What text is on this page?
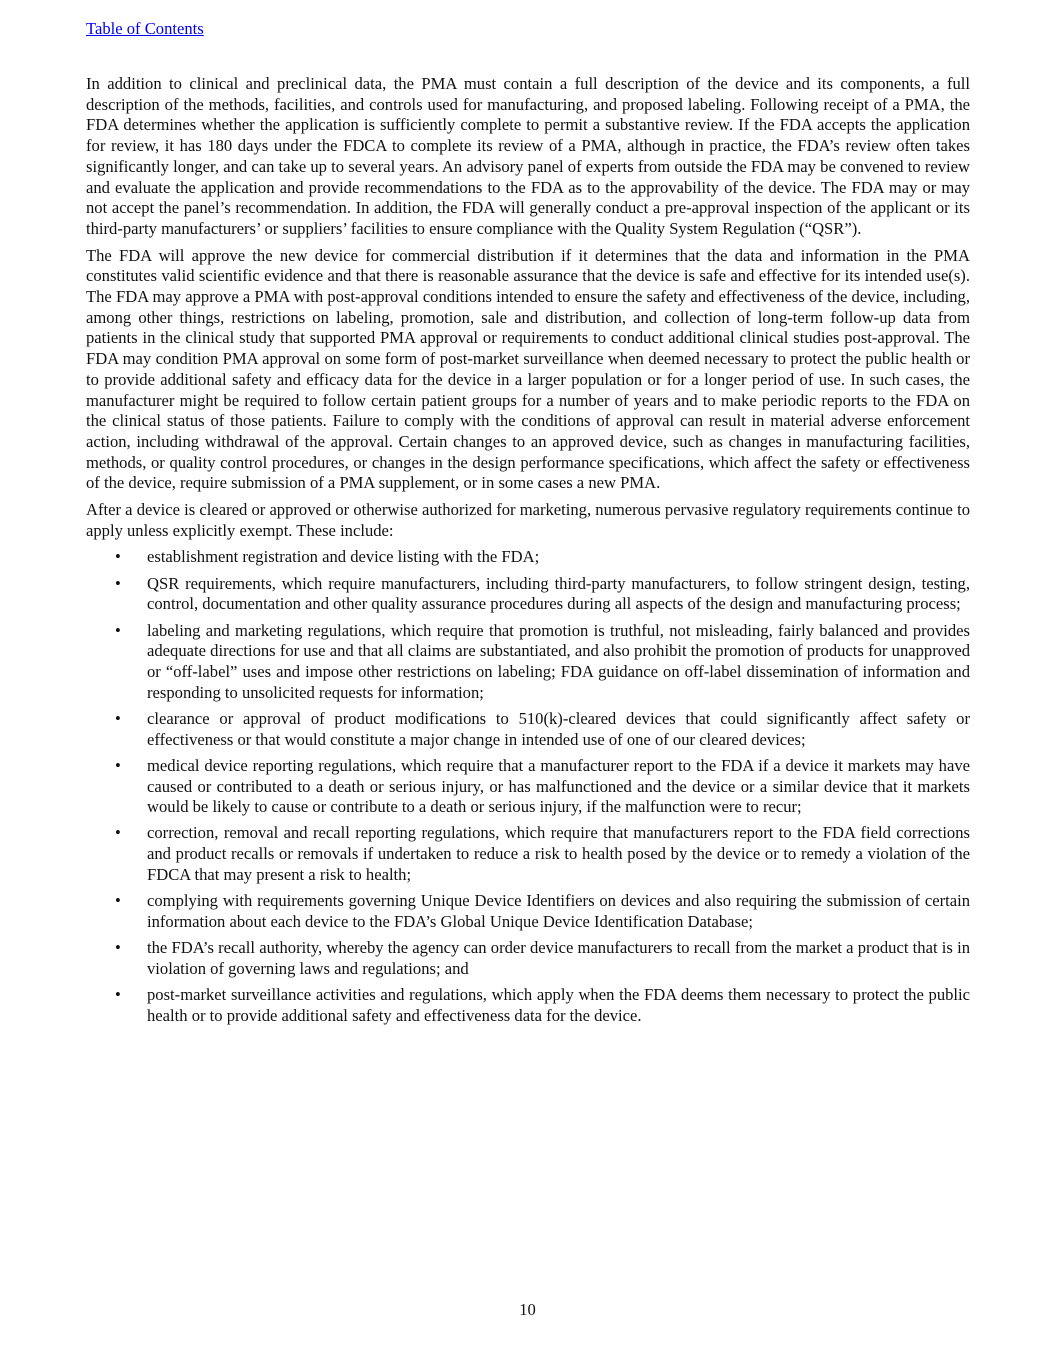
Table of Contents

In addition to clinical and preclinical data, the PMA must contain a full description of the device and its components, a full description of the methods, facilities, and controls used for manufacturing, and proposed labeling. Following receipt of a PMA, the FDA determines whether the application is sufficiently complete to permit a substantive review. If the FDA accepts the application for review, it has 180 days under the FDCA to complete its review of a PMA, although in practice, the FDA’s review often takes significantly longer, and can take up to several years. An advisory panel of experts from outside the FDA may be convened to review and evaluate the application and provide recommendations to the FDA as to the approvability of the device. The FDA may or may not accept the panel’s recommendation. In addition, the FDA will generally conduct a pre-approval inspection of the applicant or its third-party manufacturers’ or suppliers’ facilities to ensure compliance with the Quality System Regulation (“QSR”).

The FDA will approve the new device for commercial distribution if it determines that the data and information in the PMA constitutes valid scientific evidence and that there is reasonable assurance that the device is safe and effective for its intended use(s). The FDA may approve a PMA with post-approval conditions intended to ensure the safety and effectiveness of the device, including, among other things, restrictions on labeling, promotion, sale and distribution, and collection of long-term follow-up data from patients in the clinical study that supported PMA approval or requirements to conduct additional clinical studies post-approval. The FDA may condition PMA approval on some form of post-market surveillance when deemed necessary to protect the public health or to provide additional safety and efficacy data for the device in a larger population or for a longer period of use. In such cases, the manufacturer might be required to follow certain patient groups for a number of years and to make periodic reports to the FDA on the clinical status of those patients. Failure to comply with the conditions of approval can result in material adverse enforcement action, including withdrawal of the approval. Certain changes to an approved device, such as changes in manufacturing facilities, methods, or quality control procedures, or changes in the design performance specifications, which affect the safety or effectiveness of the device, require submission of a PMA supplement, or in some cases a new PMA.

After a device is cleared or approved or otherwise authorized for marketing, numerous pervasive regulatory requirements continue to apply unless explicitly exempt. These include:

• establishment registration and device listing with the FDA;
• QSR requirements, which require manufacturers, including third-party manufacturers, to follow stringent design, testing, control, documentation and other quality assurance procedures during all aspects of the design and manufacturing process;
• labeling and marketing regulations, which require that promotion is truthful, not misleading, fairly balanced and provides adequate directions for use and that all claims are substantiated, and also prohibit the promotion of products for unapproved or “off-label” uses and impose other restrictions on labeling; FDA guidance on off-label dissemination of information and responding to unsolicited requests for information;
• clearance or approval of product modifications to 510(k)-cleared devices that could significantly affect safety or effectiveness or that would constitute a major change in intended use of one of our cleared devices;
• medical device reporting regulations, which require that a manufacturer report to the FDA if a device it markets may have caused or contributed to a death or serious injury, or has malfunctioned and the device or a similar device that it markets would be likely to cause or contribute to a death or serious injury, if the malfunction were to recur;
• correction, removal and recall reporting regulations, which require that manufacturers report to the FDA field corrections and product recalls or removals if undertaken to reduce a risk to health posed by the device or to remedy a violation of the FDCA that may present a risk to health;
• complying with requirements governing Unique Device Identifiers on devices and also requiring the submission of certain information about each device to the FDA’s Global Unique Device Identification Database;
• the FDA’s recall authority, whereby the agency can order device manufacturers to recall from the market a product that is in violation of governing laws and regulations; and
• post-market surveillance activities and regulations, which apply when the FDA deems them necessary to protect the public health or to provide additional safety and effectiveness data for the device.
10
